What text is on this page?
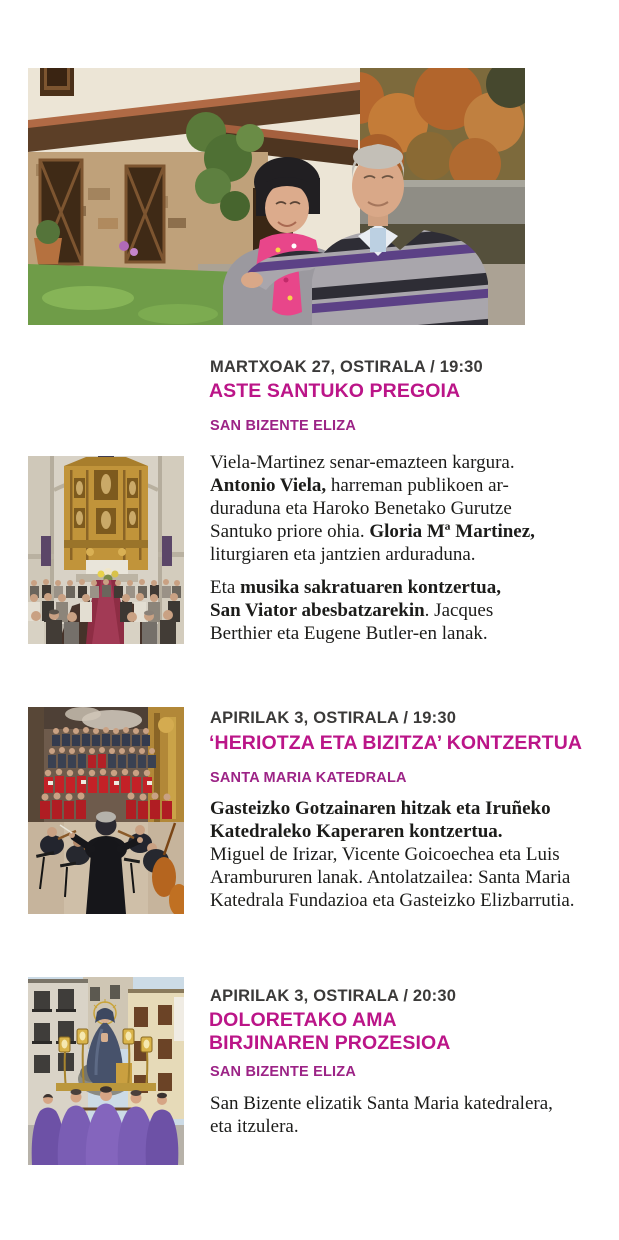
MARTXOAK 27, OSTIRALA / 19:30
ASTE SANTUKO PREGOIA
SAN BIZENTE ELIZA

Viela-Martinez senar-emazteen kargura.
Antonio Viela, harreman publikoen ar-
duraduna eta Haroko Benetako Gurutze
Santuko priore ohia. Gloria Mª Martinez,
liturgiaren eta jantzien arduraduna.

Eta musika sakratuaren kontzertua,
San Viator abesbatzarekin. Jacques
Berthier eta Eugene Butler-en lanak.

APIRILAK 3, OSTIRALA / 19:30
‘HERIOTZA ETA BIZITZA’ KONTZERTUA
SANTA MARIA KATEDRALA

Gasteizko Gotzainaren hitzak eta Iruñeko
Katedraleko Kaperaren kontzertua.
Miguel de Irizar, Vicente Goicoechea eta Luis
Arambururen lanak. Antolatzailea: Santa Maria
Katedrala Fundazioa eta Gasteizko Elizbarrutia.

APIRILAK 3, OSTIRALA / 20:30
DOLORETAKO AMA
BIRJINAREN PROZESIOA
SAN BIZENTE ELIZA

San Bizente elizatik Santa Maria katedralera,
eta itzulera.
